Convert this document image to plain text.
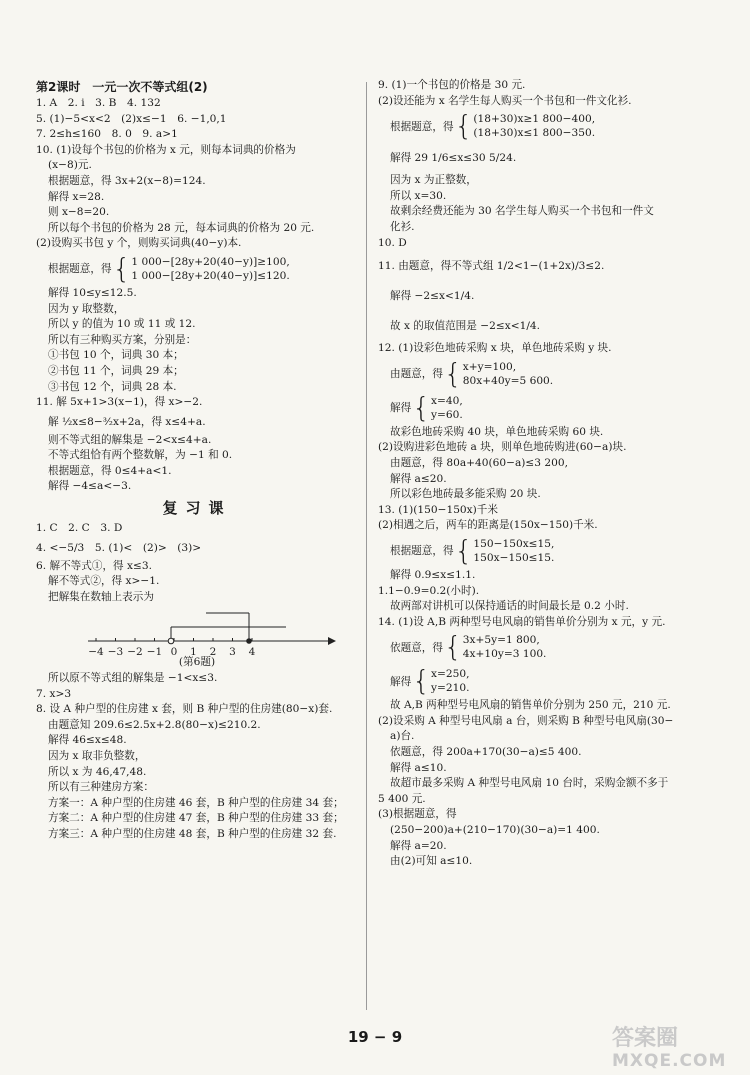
第2课时　一元一次不等式组(2)
1. A　2. ⅰ　3. B　4. 132
5. (1)−5<x<2　(2)x≤−1　6. −1,0,1
7. 2≤h≤160　8. 0　9. a>1
10. (1)设每个书包的价格为 x 元，则每本词典的价格为
(x−8)元.
根据题意，得 3x+2(x−8)=124.
解得 x=28.
则 x−8=20.
所以每个书包的价格为 28 元，每本词典的价格为 20 元.
(2)设购买书包 y 个，则购买词典(40−y)本.
根据题意，得 { 1 000−[28y+20(40−y)]≥100,
1 000−[28y+20(40−y)]≤120.
解得 10≤y≤12.5.
因为 y 取整数，
所以 y 的值为 10 或 11 或 12.
所以有三种购买方案，分别是：
①书包 10 个，词典 30 本；
②书包 11 个，词典 29 本；
③书包 12 个，词典 28 本.
11. 解 5x+1>3(x−1)，得 x>−2.
解 ½x≤8−³⁄₂x+2a，得 x≤4+a.
则不等式组的解集是 −2<x≤4+a.
不等式组恰有两个整数解，为 −1 和 0.
根据题意，得 0≤4+a<1.
解得 −4≤a<−3.
复习课
1. C　2. C　3. D
4. <−5/3　5. (1)<　(2)>　(3)>
6. 解不等式①，得 x≤3.
解不等式②，得 x>−1.
把解集在数轴上表示为
−4 −3 −2 −1 0 1 2 3 4
(第6题)
所以原不等式组的解集是 −1<x≤3.
7. x>3
8. 设 A 种户型的住房建 x 套，则 B 种户型的住房建(80−x)套.
由题意知 209.6≤2.5x+2.8(80−x)≤210.2.
解得 46≤x≤48.
因为 x 取非负整数，
所以 x 为 46,47,48.
所以有三种建房方案：
方案一：A 种户型的住房建 46 套，B 种户型的住房建 34 套；
方案二：A 种户型的住房建 47 套，B 种户型的住房建 33 套；
方案三：A 种户型的住房建 48 套，B 种户型的住房建 32 套.
9. (1)一个书包的价格是 30 元.
(2)设还能为 x 名学生每人购买一个书包和一件文化衫.
根据题意，得 { (18+30)x≥1 800−400,
(18+30)x≤1 800−350.
解得 29 1/6≤x≤30 5/24.
因为 x 为正整数，
所以 x=30.
故剩余经费还能为 30 名学生每人购买一个书包和一件文
化衫.
10. D
11. 由题意，得不等式组 1/2<1−(1+2x)/3≤2.
解得 −2≤x<1/4.
故 x 的取值范围是 −2≤x<1/4.
12. (1)设彩色地砖采购 x 块，单色地砖采购 y 块.
由题意，得 { x+y=100,
80x+40y=5 600.
解得 { x=40,
y=60.
故彩色地砖采购 40 块，单色地砖采购 60 块.
(2)设购进彩色地砖 a 块，则单色地砖购进(60−a)块.
由题意，得 80a+40(60−a)≤3 200,
解得 a≤20.
所以彩色地砖最多能采购 20 块.
13. (1)(150−150x)千米
(2)相遇之后，两车的距离是(150x−150)千米.
根据题意，得 { 150−150x≤15,
150x−150≤15.
解得 0.9≤x≤1.1.
1.1−0.9=0.2(小时).
故两部对讲机可以保持通话的时间最长是 0.2 小时.
14. (1)设 A,B 两种型号电风扇的销售单价分别为 x 元，y 元.
依题意，得 { 3x+5y=1 800,
4x+10y=3 100.
解得 { x=250,
y=210.
故 A,B 两种型号电风扇的销售单价分别为 250 元，210 元.
(2)设采购 A 种型号电风扇 a 台，则采购 B 种型号电风扇(30−
a)台.
依题意，得 200a+170(30−a)≤5 400.
解得 a≤10.
故超市最多采购 A 种型号电风扇 10 台时，采购金额不多于
5 400 元.
(3)根据题意，得
(250−200)a+(210−170)(30−a)=1 400.
解得 a=20.
由(2)可知 a≤10.
19 − 9	答案圈
MXQE.COM
